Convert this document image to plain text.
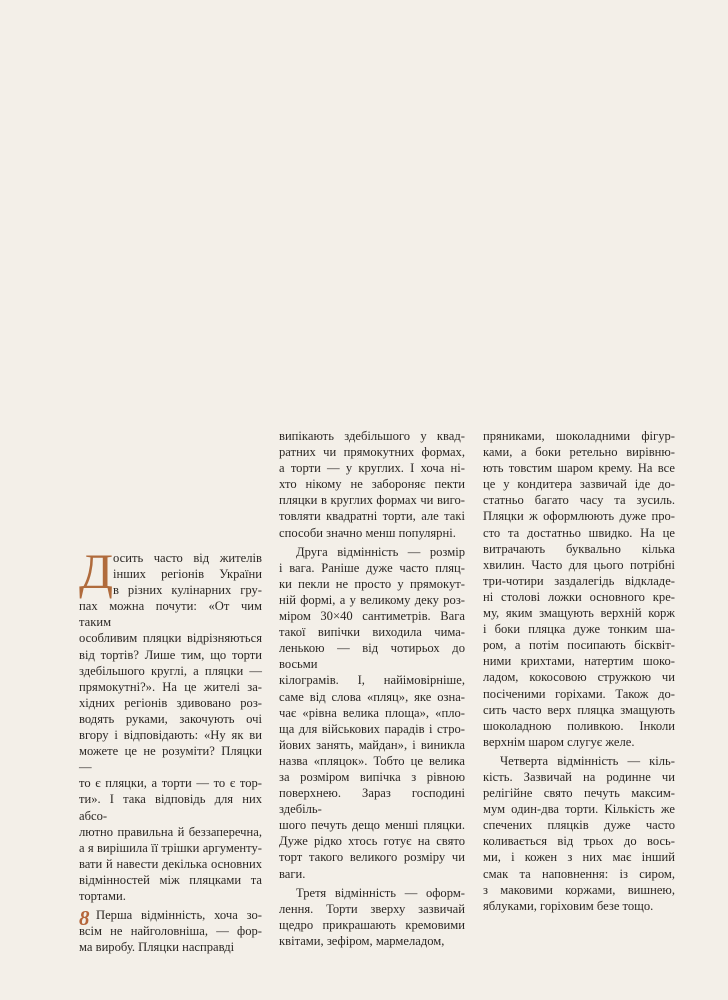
Д осить часто від жителів
інших регіонів України
в різних кулінарних гру-
пах можна почути: «От чим таким
особливим пляцки відрізняються
від тортів? Лише тим, що торти
здебільшого круглі, а пляцки —
прямокутні?». На це жителі за-
хідних регіонів здивовано роз-
водять руками, закочують очі
вгору і відповідають: «Ну як ви
можете це не розуміти? Пляцки —
то є пляцки, а торти — то є тор-
ти». І така відповідь для них абсо-
лютно правильна й беззаперечна,
а я вирішила її трішки аргументу-
вати й навести декілька основних
відмінностей між пляцками та
тортами.
Перша відмінність, хоча зо-
всім не найголовніша, — фор-
ма виробу. Пляцки насправді
випікають здебільшого у квад-
ратних чи прямокутних формах,
а торти — у круглих. І хоча ні-
хто нікому не забороняє пекти
пляцки в круглих формах чи виго-
товляти квадратні торти, але такі
способи значно менш популярні.
Друга відмінність — розмір
і вага. Раніше дуже часто пляц-
ки пекли не просто у прямокут-
ній формі, а у великому деку роз-
міром 30×40 сантиметрів. Вага
такої випічки виходила чима-
ленькою — від чотирьох до восьми
кілограмів. І, найімовірніше,
саме від слова «пляц», яке озна-
чає «рівна велика площа», «пло-
ща для військових парадів і стро-
йових занять, майдан», і виникла
назва «пляцок». Тобто це велика
за розміром випічка з рівною
поверхнею. Зараз господині здебіль-
шого печуть дещо менші пляцки.
Дуже рідко хтось готує на свято
торт такого великого розміру чи
ваги.
Третя відмінність — оформ-
лення. Торти зверху зазвичай
щедро прикрашають кремовими
квітами, зефіром, мармеладом,
пряниками, шоколадними фігур-
ками, а боки ретельно вирівню-
ють товстим шаром крему. На все
це у кондитера зазвичай іде до-
статньо багато часу та зусиль.
Пляцки ж оформлюють дуже про-
сто та достатньо швидко. На це
витрачають буквально кілька
хвилин. Часто для цього потрібні
три-чотири заздалегідь відкладе-
ні столові ложки основного кре-
му, яким змащують верхній корж
і боки пляцка дуже тонким ша-
ром, а потім посипають бісквіт-
ними крихтами, натертим шоко-
ладом, кокосовою стружкою чи
посіченими горіхами. Також до-
сить часто верх пляцка змащують
шоколадною поливкою. Інколи
верхнім шаром слугує желе.
Четверта відмінність — кіль-
кість. Зазвичай на родинне чи
релігійне свято печуть максим-
мум один-два торти. Кількість же
спечених пляцків дуже часто
коливається від трьох до вось-
ми, і кожен з них має інший
смак та наповнення: із сиром,
з маковими коржами, вишнею,
яблуками, горіховим безе тощо.
8
